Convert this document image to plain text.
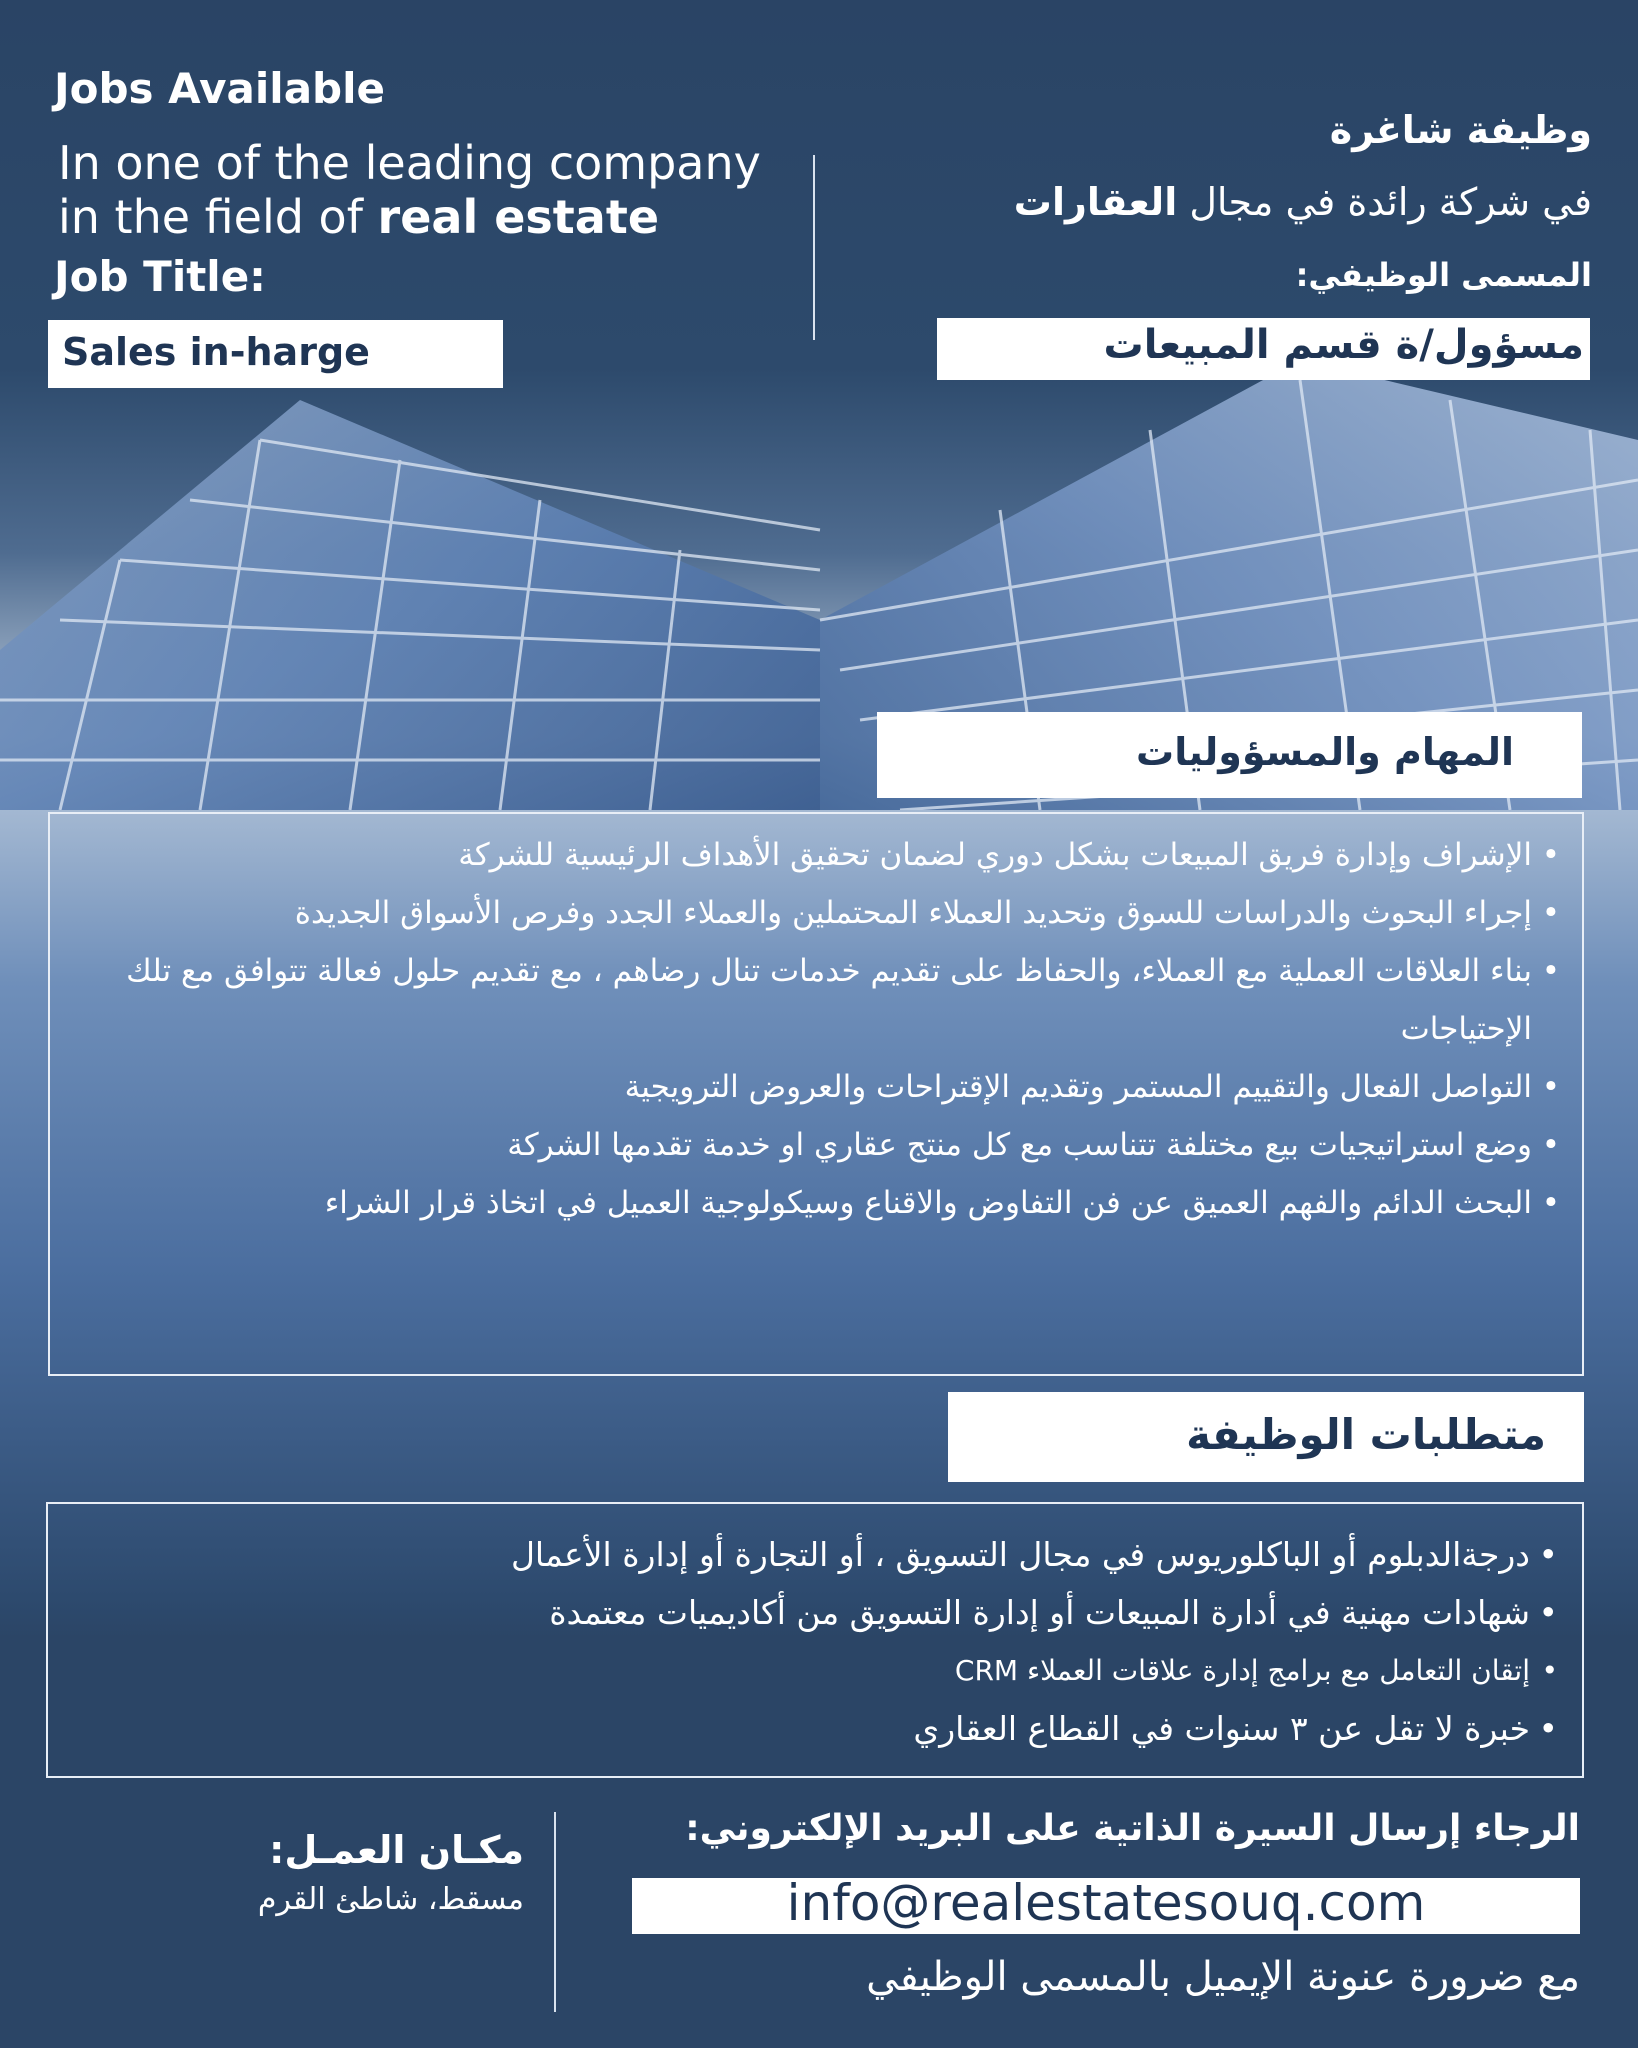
Jobs Available
In one of the leading company
in the field of real estate
Job Title:
Sales in-harge
وظيفة شاغرة
في شركة رائدة في مجال العقارات
المسمى الوظيفي:
مسؤول/ة قسم المبيعات
المهام والمسؤوليات
• الإشراف وإدارة فريق المبيعات بشكل دوري لضمان تحقيق الأهداف الرئيسية للشركة
• إجراء البحوث والدراسات للسوق وتحديد العملاء المحتملين والعملاء الجدد وفرص الأسواق الجديدة
• بناء العلاقات العملية مع العملاء، والحفاظ على تقديم خدمات تنال رضاهم ، مع تقديم حلول فعالة تتوافق مع تلك الإحتياجات
• التواصل الفعال والتقييم المستمر وتقديم الإقتراحات والعروض الترويجية
• وضع استراتيجيات بيع مختلفة تتناسب مع كل منتج عقاري او خدمة تقدمها الشركة
• البحث الدائم والفهم العميق عن فن التفاوض والاقناع وسيكولوجية العميل في اتخاذ قرار الشراء
متطلبات الوظيفة
• درجةالدبلوم أو الباكلوريوس في مجال التسويق ، أو التجارة أو إدارة الأعمال
• شهادات مهنية في أدارة المبيعات أو إدارة التسويق من أكاديميات معتمدة
• إتقان التعامل مع برامج إدارة علاقات العملاء CRM
• خبرة لا تقل عن ٣ سنوات في القطاع العقاري
الرجاء إرسال السيرة الذاتية على البريد الإلكتروني:
info@realestatesouq.com
مع ضرورة عنونة الإيميل بالمسمى الوظيفي
مكـان العمـل:
مسقط، شاطئ القرم
